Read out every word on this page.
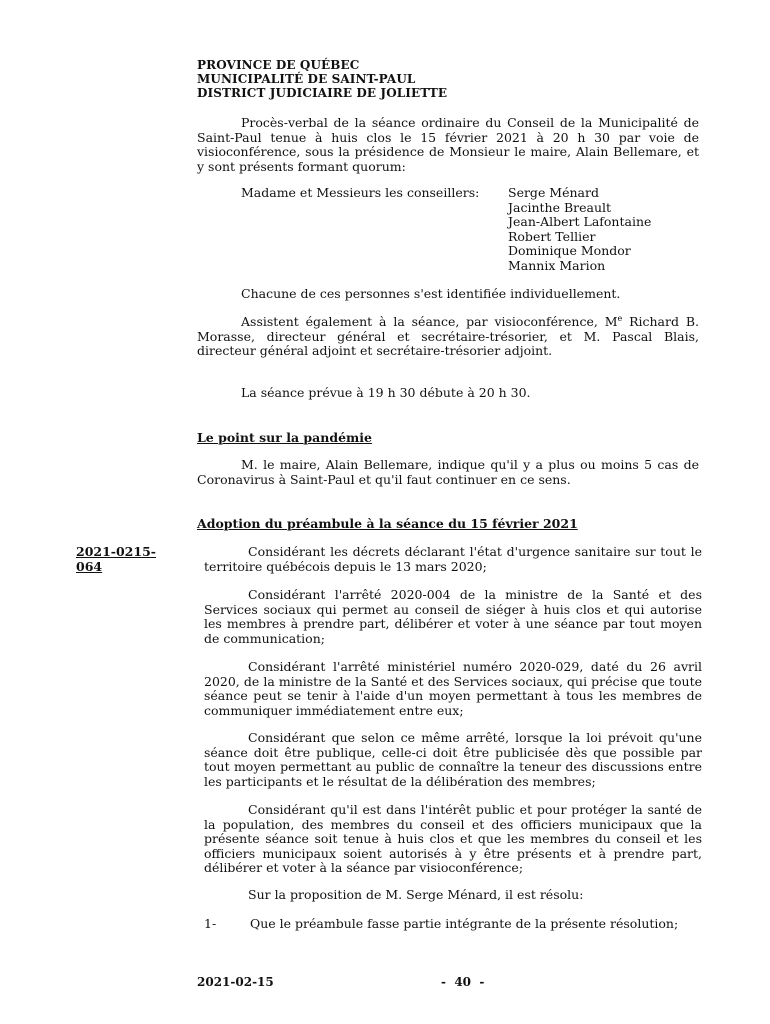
PROVINCE DE QUÉBEC
MUNICIPALITÉ DE SAINT-PAUL
DISTRICT JUDICIAIRE DE JOLIETTE

Procès-verbal de la séance ordinaire du Conseil de la Municipalité de Saint-Paul tenue à huis clos le 15 février 2021 à 20 h 30 par voie de visioconférence, sous la présidence de Monsieur le maire, Alain Bellemare, et y sont présents formant quorum:

Madame et Messieurs les conseillers: Serge Ménard
Jacinthe Breault
Jean-Albert Lafontaine
Robert Tellier
Dominique Mondor
Mannix Marion
Chacune de ces personnes s'est identifiée individuellement.

Assistent également à la séance, par visioconférence, Me Richard B. Morasse, directeur général et secrétaire-trésorier, et M. Pascal Blais, directeur général adjoint et secrétaire-trésorier adjoint.

La séance prévue à 19 h 30 débute à 20 h 30.
Le point sur la pandémie

M. le maire, Alain Bellemare, indique qu'il y a plus ou moins 5 cas de Coronavirus à Saint-Paul et qu'il faut continuer en ce sens.

Adoption du préambule à la séance du 15 février 2021
2021-0215-
064

Considérant les décrets déclarant l'état d'urgence sanitaire sur tout le territoire québécois depuis le 13 mars 2020;

Considérant l'arrêté 2020-004 de la ministre de la Santé et des Services sociaux qui permet au conseil de siéger à huis clos et qui autorise les membres à prendre part, délibérer et voter à une séance par tout moyen de communication;

Considérant l'arrêté ministériel numéro 2020-029, daté du 26 avril 2020, de la ministre de la Santé et des Services sociaux, qui précise que toute séance peut se tenir à l'aide d'un moyen permettant à tous les membres de communiquer immédiatement entre eux;

Considérant que selon ce même arrêté, lorsque la loi prévoit qu'une séance doit être publique, celle-ci doit être publicisée dès que possible par tout moyen permettant au public de connaître la teneur des discussions entre les participants et le résultat de la délibération des membres;

Considérant qu'il est dans l'intérêt public et pour protéger la santé de la population, des membres du conseil et des officiers municipaux que la présente séance soit tenue à huis clos et que les membres du conseil et les officiers municipaux soient autorisés à y être présents et à prendre part, délibérer et voter à la séance par visioconférence;

Sur la proposition de M. Serge Ménard, il est résolu:
1-	Que le préambule fasse partie intégrante de la présente résolution;
2021-02-15	-  40  -
